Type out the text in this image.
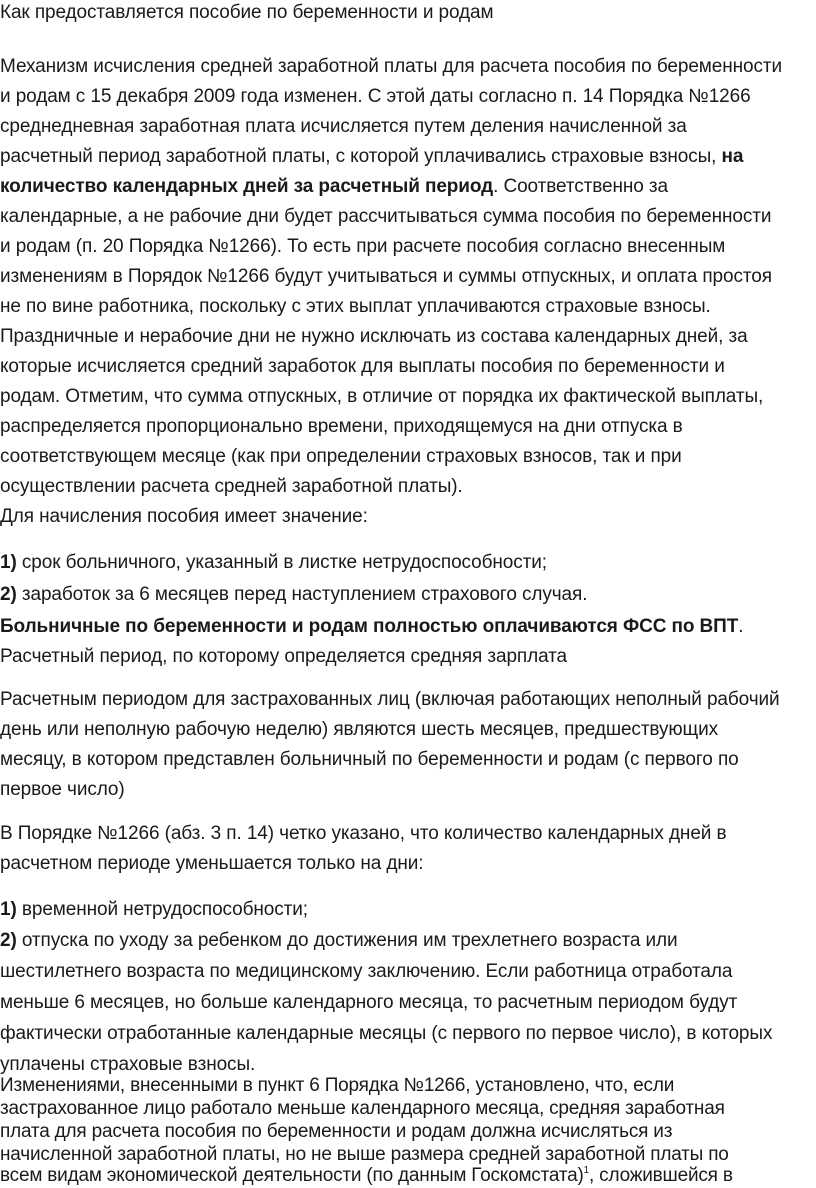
Как предоставляется пособие по беременности и родам

Механизм исчисления средней заработной платы для расчета пособия по беременности

и родам с 15 декабря 2009 года изменен. С этой даты согласно п. 14 Порядка №1266

среднедневная заработная плата исчисляется путем деления начисленной за

расчетный период заработной платы, с которой уплачивались страховые взносы, на

количество календарных дней за расчетный период. Соответственно за

календарные, а не рабочие дни будет рассчитываться сумма пособия по беременности

и родам (п. 20 Порядка №1266). То есть при расчете пособия согласно внесенным

изменениям в Порядок №1266 будут учитываться и суммы отпускных, и оплата простоя

не по вине работника, поскольку с этих выплат уплачиваются страховые взносы.

Праздничные и нерабочие дни не нужно исключать из состава календарных дней, за

которые исчисляется средний заработок для выплаты пособия по беременности и

родам. Отметим, что сумма отпускных, в отличие от порядка их фактической выплаты,

распределяется пропорционально времени, приходящемуся на дни отпуска в

соответствующем месяце (как при определении страховых взносов, так и при

осуществлении расчета средней заработной платы).

Для начисления пособия имеет значение:

1) срок больничного, указанный в листке нетрудоспособности;

2) заработок за 6 месяцев перед наступлением страхового случая.

Больничные по беременности и родам полностью оплачиваются ФСС по ВПТ.

Расчетный период, по которому определяется средняя зарплата

Расчетным периодом для застрахованных лиц (включая работающих неполный рабочий

день или неполную рабочую неделю) являются шесть месяцев, предшествующих

месяцу, в котором представлен больничный по беременности и родам (с первого по

первое число)

В Порядке №1266 (абз. 3 п. 14) четко указано, что количество календарных дней в

расчетном периоде уменьшается только на дни:

1) временной нетрудоспособности;

2) отпуска по уходу за ребенком до достижения им трехлетнего возраста или

шестилетнего возраста по медицинскому заключению. Если работница отработала

меньше 6 месяцев, но больше календарного месяца, то расчетным периодом будут

фактически отработанные календарные месяцы (с первого по первое число), в которых

уплачены страховые взносы.

Изменениями, внесенными в пункт 6 Порядка №1266, установлено, что, если

застрахованное лицо работало меньше календарного месяца, средняя заработная

плата для расчета пособия по беременности и родам должна исчисляться из

начисленной заработной платы, но не выше размера средней заработной платы по

всем видам экономической деятельности (по данным Госкомстата)$^1$, сложившейся в
